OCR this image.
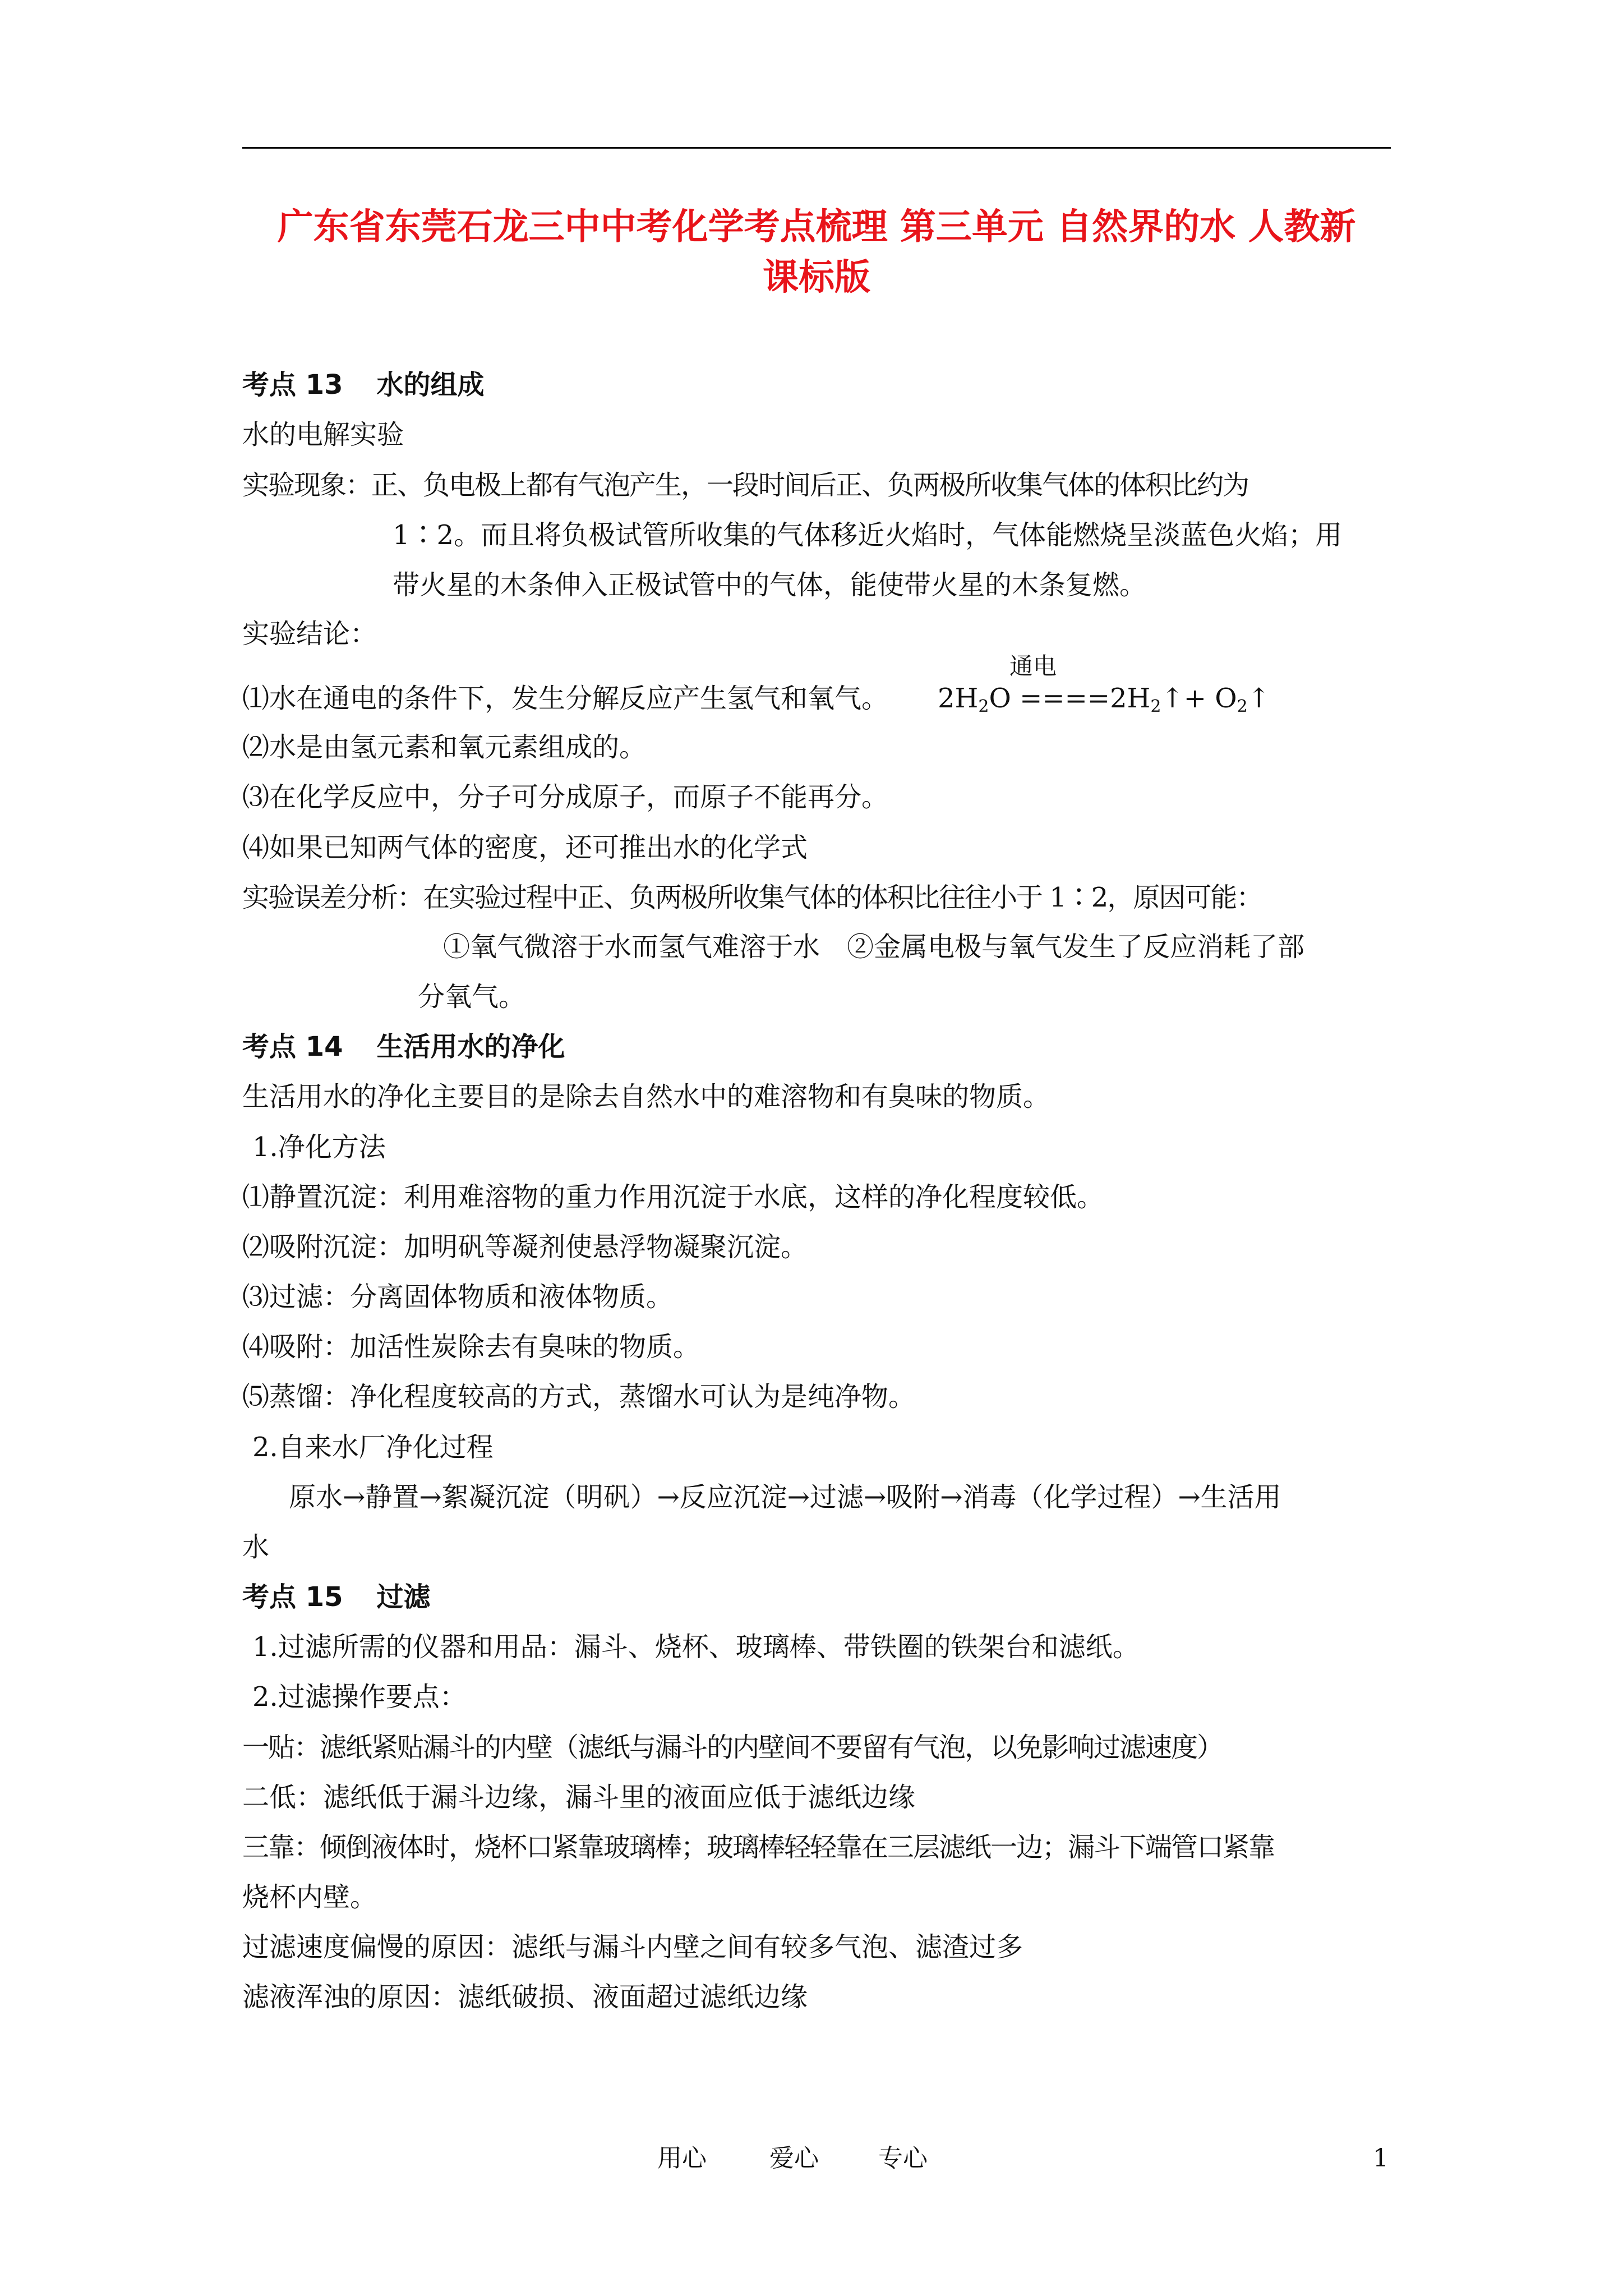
广东省东莞石龙三中中考化学考点梳理 第三单元 自然界的水 人教新
课标版
考点 13 水的组成
水的电解实验
实验现象：正、负电极上都有气泡产生，一段时间后正、负两极所收集气体的体积比约为
1∶2。而且将负极试管所收集的气体移近火焰时，气体能燃烧呈淡蓝色火焰；用
带火星的木条伸入正极试管中的气体，能使带火星的木条复燃。
实验结论：
⑴水在通电的条件下，发生分解反应产生氢气和氧气。
通电
$2H_2O$ $====2H_2↑+$ $O_2↑$
⑵水是由氢元素和氧元素组成的。
⑶在化学反应中，分子可分成原子，而原子不能再分。
⑷如果已知两气体的密度，还可推出水的化学式
实验误差分析：在实验过程中正、负两极所收集气体的体积比往往小于 1∶2，原因可能：
①氧气微溶于水而氢气难溶于水　②金属电极与氧气发生了反应消耗了部
分氧气。
考点 14 生活用水的净化
生活用水的净化主要目的是除去自然水中的难溶物和有臭味的物质。
1.净化方法
⑴静置沉淀：利用难溶物的重力作用沉淀于水底，这样的净化程度较低。
⑵吸附沉淀：加明矾等凝剂使悬浮物凝聚沉淀。
⑶过滤：分离固体物质和液体物质。
⑷吸附：加活性炭除去有臭味的物质。
⑸蒸馏：净化程度较高的方式，蒸馏水可认为是纯净物。
2.自来水厂净化过程
原水→静置→絮凝沉淀（明矾）→反应沉淀→过滤→吸附→消毒（化学过程）→生活用
水
考点 15 过滤
1.过滤所需的仪器和用品：漏斗、烧杯、玻璃棒、带铁圈的铁架台和滤纸。
2.过滤操作要点：
一贴：滤纸紧贴漏斗的内壁（滤纸与漏斗的内壁间不要留有气泡，以免影响过滤速度）
二低：滤纸低于漏斗边缘，漏斗里的液面应低于滤纸边缘
三靠：倾倒液体时，烧杯口紧靠玻璃棒；玻璃棒轻轻靠在三层滤纸一边；漏斗下端管口紧靠
烧杯内壁。
过滤速度偏慢的原因：滤纸与漏斗内壁之间有较多气泡、滤渣过多
滤液浑浊的原因：滤纸破损、液面超过滤纸边缘
用心	爱心 专心	1
